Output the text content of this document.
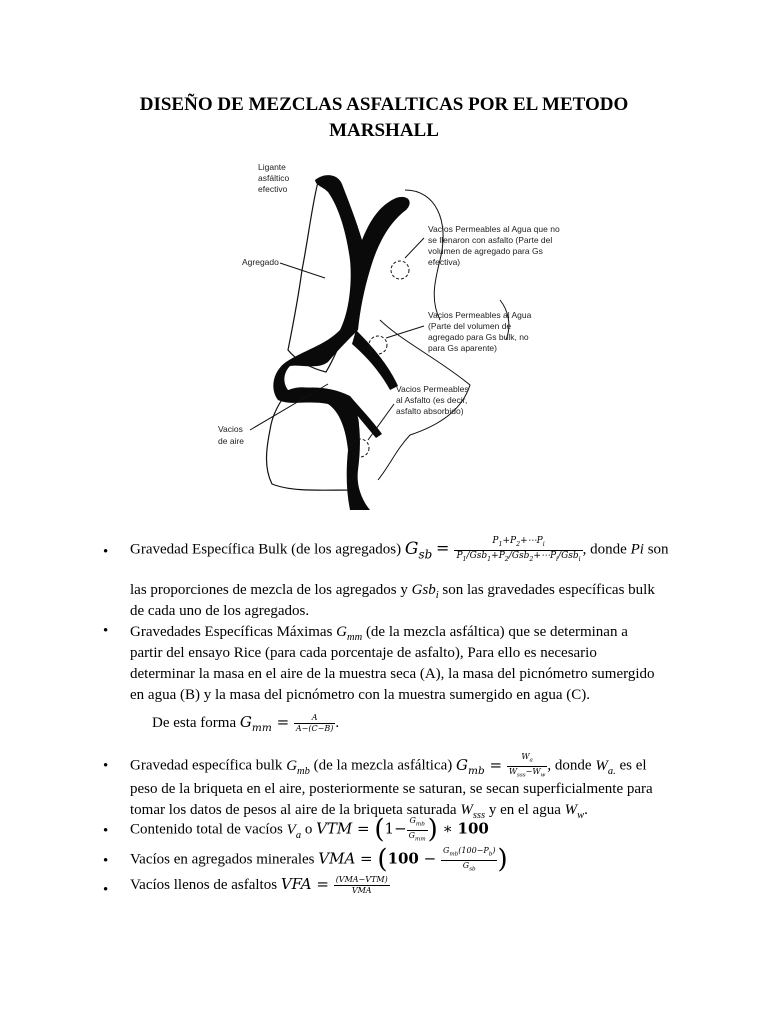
DISEÑO DE MEZCLAS ASFALTICAS POR EL METODO
MARSHALL
Ligante
asfáltico
efectivo
Agregado
Vacios
de aire
Vacios Permeables al Agua que no
se llenaron con asfalto (Parte del
volumen de agregado para Gs
efectiva)
Vacios Permeables al Agua
(Parte del volumen de
agregado para Gs bulk, no
para Gs aparente)
Vacios Permeables
al Asfalto (es decir,
asfalto absorbido)
• Gravedad Específica Bulk (de los agregados) $G_{sb} = \frac{P_1+P_2+\cdots P_i}{P_1/Gsb_1+P_2/Gsb_2+\cdots P_i/Gsb_i}$ , donde Pi son
las proporciones de mezcla de los agregados y Gsb$_i$ son las gravedades específicas bulk
de cada uno de los agregados.
• Gravedades Específicas Máximas $G_{mm}$ (de la mezcla asfáltica) que se determinan a
partir del ensayo Rice (para cada porcentaje de asfalto), Para ello es necesario
determinar la masa en el aire de la muestra seca (A), la masa del picnómetro sumergido
en agua (B) y la masa del picnómetro con la muestra sumergido en agua (C).
De esta forma $G_{mm} = \frac{A}{A-(C-B)}$ .
• Gravedad específica bulk $G_{mb}$ (de la mezcla asfáltica) $G_{mb} = \frac{W_a}{W_{sss}-W_w}$ , donde $W_{a.}$ es el
peso de la briqueta en el aire, posteriormente se saturan, se secan superficialmente para
tomar los datos de pesos al aire de la briqueta saturada $W_{sss}$ y en el agua $W_w$.
• Contenido total de vacíos $V_a$ o VTM = ($1- \frac{G_{mb}}{G_{mm}}$ ) ∗ 100
• Vacíos en agregados minerales VMA = ($100 - \frac{G_{mb}(100-P_b)}{G_{sb}}$ )
• Vacíos llenos de asfaltos VFA = $\frac{\text{(VMA−VTM)}}{\text{VMA}}$
